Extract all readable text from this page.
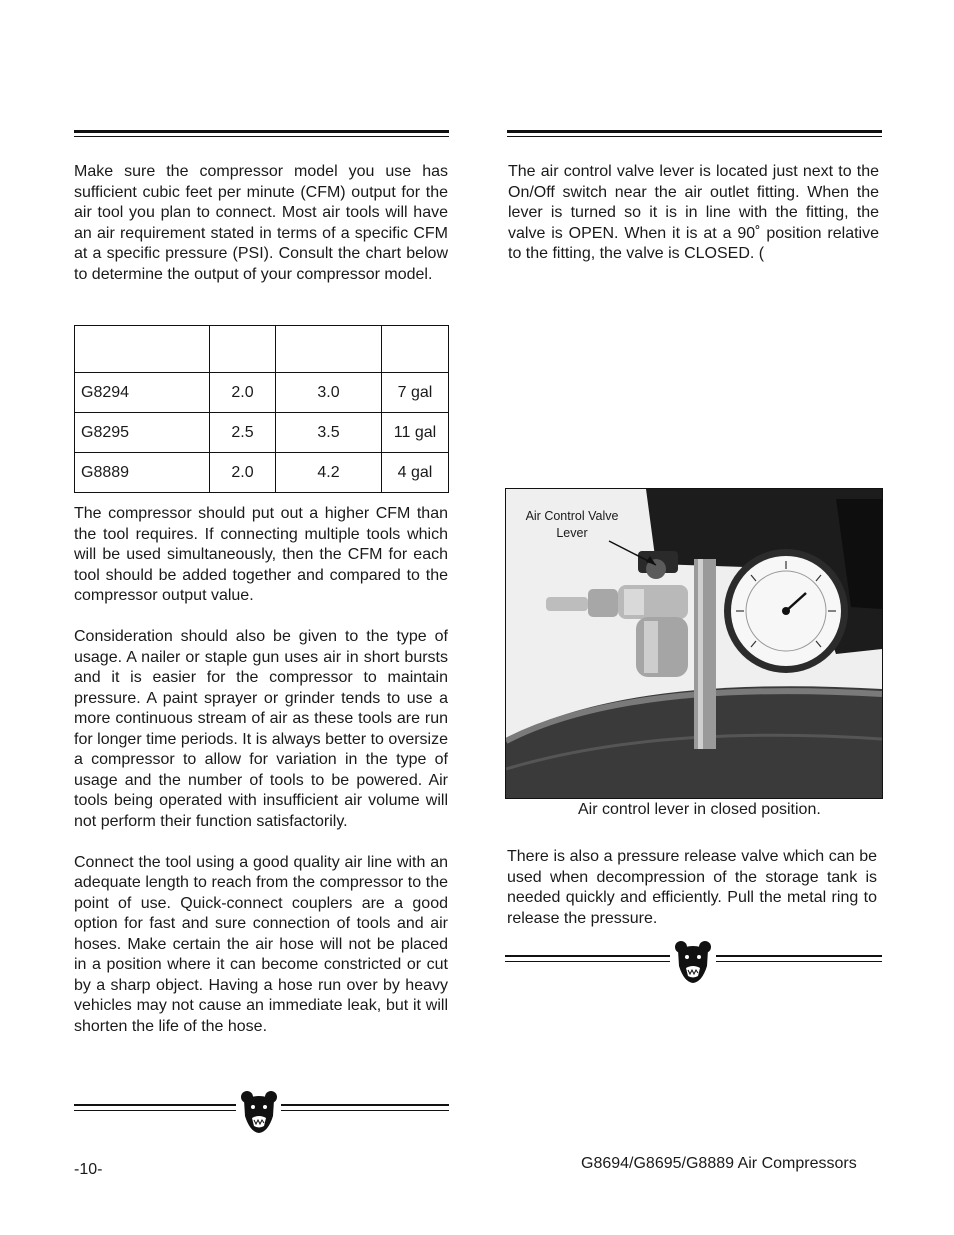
Make sure the compressor model you use has sufficient cubic feet per minute (CFM) output for the air tool you plan to connect. Most air tools will have an air requirement stated in terms of a specific CFM at a specific pressure (PSI). Consult the chart below to determine the output of your compressor model.

G8294	2.0	3.0	7 gal
G8295	2.5	3.5	11 gal
G8889	2.0	4.2	4 gal

The compressor should put out a higher CFM than the tool requires. If connecting multiple tools which will be used simultaneously, then the CFM for each tool should be added together and compared to the compressor output value.

Consideration should also be given to the type of usage. A nailer or staple gun uses air in short bursts and it is easier for the compressor to maintain pressure. A paint sprayer or grinder tends to use a more continuous stream of air as these tools are run for longer time periods. It is always better to oversize a compressor to allow for variation in the type of usage and the number of tools to be powered. Air tools being operated with insufficient air volume will not perform their function satisfactorily.

Connect the tool using a good quality air line with an adequate length to reach from the compressor to the point of use. Quick-connect couplers are a good option for fast and sure connection of tools and air hoses. Make certain the air hose will not be placed in a position where it can become constricted or cut by a sharp object. Having a hose run over by heavy vehicles may not cause an immediate leak, but it will shorten the life of the hose.

The air control valve lever is located just next to the On/Off switch near the air outlet fitting. When the lever is turned so it is in line with the fitting, the valve is OPEN. When it is at a 90˚ position relative to the fitting, the valve is CLOSED. (

Air Control Valve
Lever
Air control lever in closed position.

There is also a pressure release valve which can be used when decompression of the storage tank is needed quickly and efficiently. Pull the metal ring to release the pressure.

-10-	G8694/G8695/G8889 Air Compressors
